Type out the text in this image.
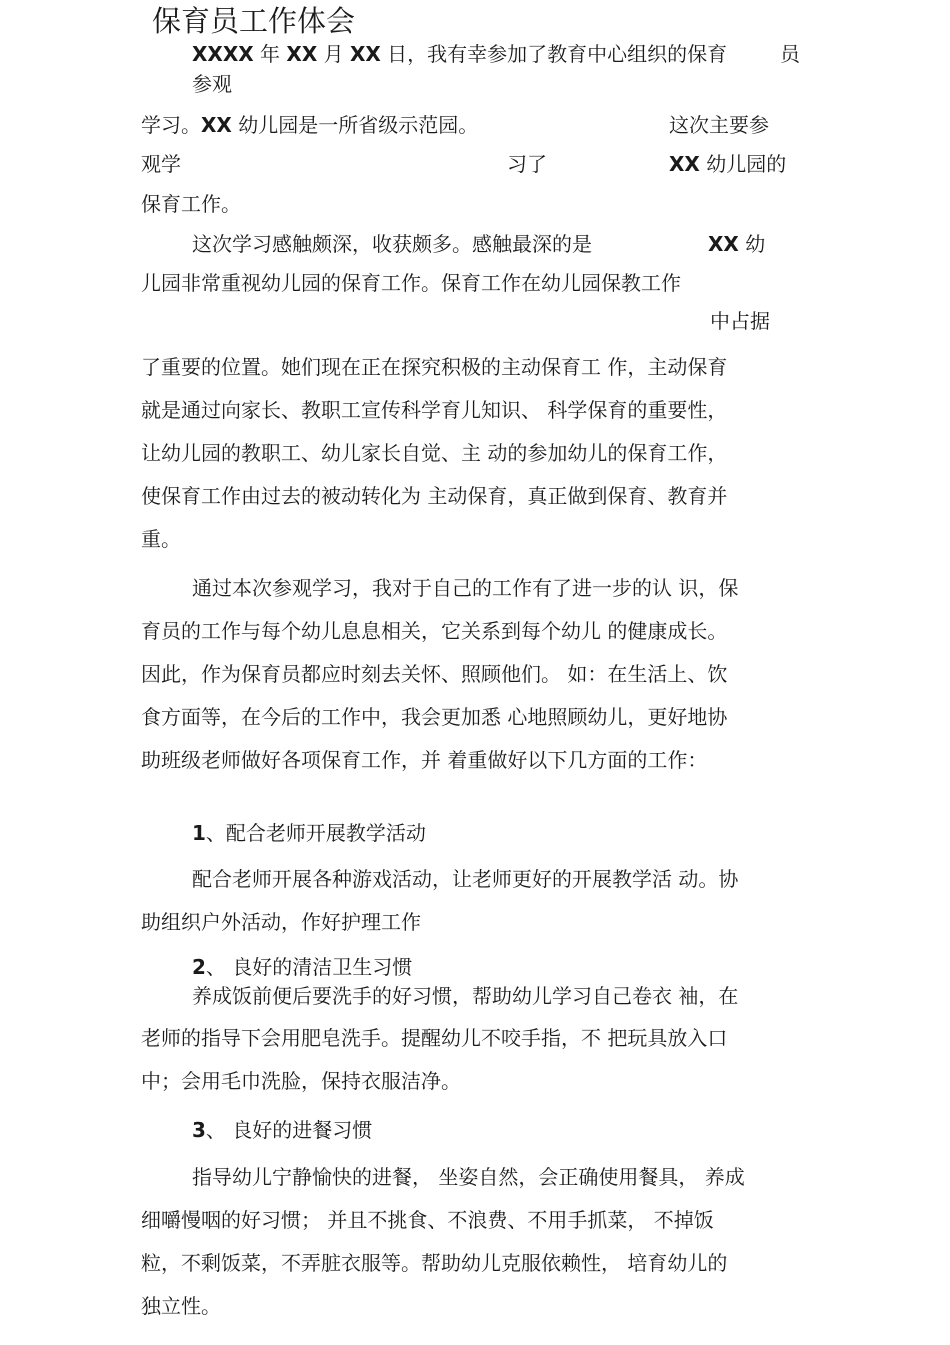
保育员工作体会

XXXX 年 XX 月 XX 日，我有幸参加了教育中心组织的保育	员

参观

学习。XX 幼儿园是一所省级示范园。	这次主要参

观学	习了	XX 幼儿园的

保育工作。

这次学习感触颇深，收获颇多。感触最深的是	XX 幼

儿园非常重视幼儿园的保育工作。保育工作在幼儿园保教工作

中占据

了重要的位置。她们现在正在探究积极的主动保育工 作，主动保育

就是通过向家长、教职工宣传科学育儿知识、 科学保育的重要性，

让幼儿园的教职工、幼儿家长自觉、主 动的参加幼儿的保育工作，

使保育工作由过去的被动转化为 主动保育，真正做到保育、教育并

重。

通过本次参观学习，我对于自己的工作有了进一步的认 识，保

育员的工作与每个幼儿息息相关，它关系到每个幼儿 的健康成长。

因此，作为保育员都应时刻去关怀、照顾他们。 如：在生活上、饮

食方面等，在今后的工作中，我会更加悉 心地照顾幼儿，更好地协

助班级老师做好各项保育工作，并 着重做好以下几方面的工作：

1、配合老师开展教学活动

配合老师开展各种游戏活动，让老师更好的开展教学活 动。协

助组织户外活动，作好护理工作

2、 良好的清洁卫生习惯

养成饭前便后要洗手的好习惯，帮助幼儿学习自己卷衣 袖，在

老师的指导下会用肥皂洗手。提醒幼儿不咬手指，不 把玩具放入口

中；会用毛巾洗脸，保持衣服洁净。

3、 良好的进餐习惯

指导幼儿宁静愉快的进餐， 坐姿自然，会正确使用餐具， 养成

细嚼慢咽的好习惯； 并且不挑食、不浪费、不用手抓菜， 不掉饭

粒，不剩饭菜，不弄脏衣服等。帮助幼儿克服依赖性， 培育幼儿的

独立性。
